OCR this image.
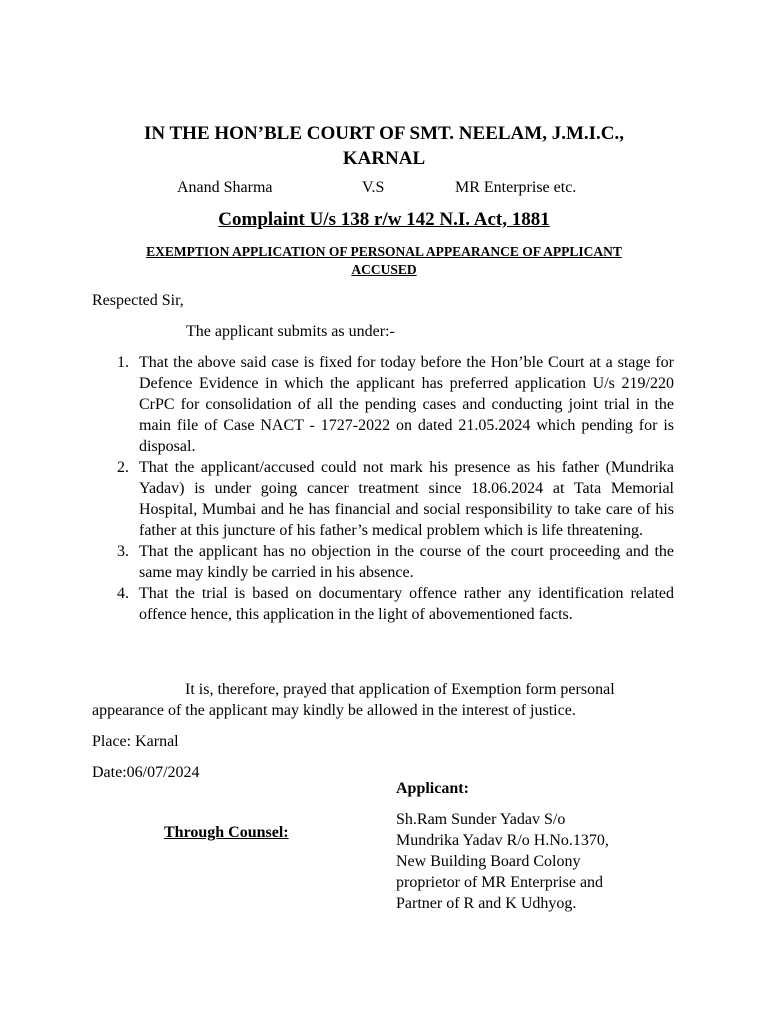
IN THE HON’BLE COURT OF SMT. NEELAM, J.M.I.C.,
KARNAL
Anand Sharma	V.S	MR Enterprise etc.
Complaint U/s 138 r/w 142 N.I. Act, 1881
EXEMPTION APPLICATION OF PERSONAL APPEARANCE OF APPLICANT
ACCUSED

Respected Sir,

The applicant submits as under:-

1. That the above said case is fixed for today before the Hon’ble Court at a stage for Defence Evidence in which the applicant has preferred application U/s 219/220 CrPC for consolidation of all the pending cases and conducting joint trial in the main file of Case NACT - 1727-2022 on dated 21.05.2024 which pending for is disposal.
2. That the applicant/accused could not mark his presence as his father (Mundrika Yadav) is under going cancer treatment since 18.06.2024 at Tata Memorial Hospital, Mumbai and he has financial and social responsibility to take care of his father at this juncture of his father’s medical problem which is life threatening.
3. That the applicant has no objection in the course of the court proceeding and the same may kindly be carried in his absence.
4. That the trial is based on documentary offence rather any identification related offence hence, this application in the light of abovementioned facts.

It is, therefore, prayed that application of Exemption form personal appearance of the applicant may kindly be allowed in the interest of justice.

Place: Karnal

Date:06/07/2024

Applicant:

Through Counsel:

Sh.Ram Sunder Yadav S/o
Mundrika Yadav R/o H.No.1370,
New Building Board Colony
proprietor of MR Enterprise and
Partner of R and K Udhyog.
